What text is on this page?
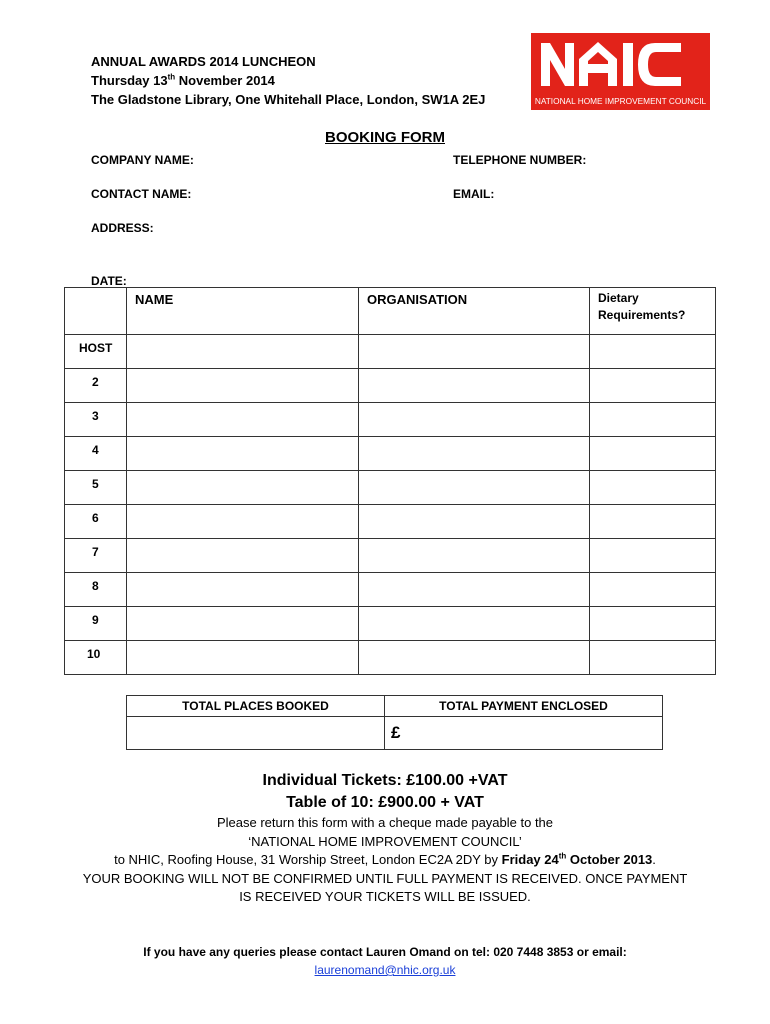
ANNUAL AWARDS 2014 LUNCHEON
Thursday 13th November 2014
The Gladstone Library, One Whitehall Place, London, SW1A 2EJ	NATIONAL HOME IMPROVEMENT COUNCIL
BOOKING FORM
COMPANY NAME:	TELEPHONE NUMBER:
CONTACT NAME:	EMAIL:
ADDRESS:
DATE:
	NAME	ORGANISATION	Dietary
Requirements?
HOST			
2			
3			
4			
5			
6			
7			
8			
9			
10			
TOTAL PLACES BOOKED	TOTAL PAYMENT ENCLOSED
	£
Individual Tickets: £100.00 +VAT
Table of 10: £900.00 + VAT
Please return this form with a cheque made payable to the
‘NATIONAL HOME IMPROVEMENT COUNCIL’
to NHIC, Roofing House, 31 Worship Street, London EC2A 2DY by Friday 24th October 2013.
YOUR BOOKING WILL NOT BE CONFIRMED UNTIL FULL PAYMENT IS RECEIVED. ONCE PAYMENT
IS RECEIVED YOUR TICKETS WILL BE ISSUED.
If you have any queries please contact Lauren Omand on tel: 020 7448 3853 or email:
laurenomand@nhic.org.uk
